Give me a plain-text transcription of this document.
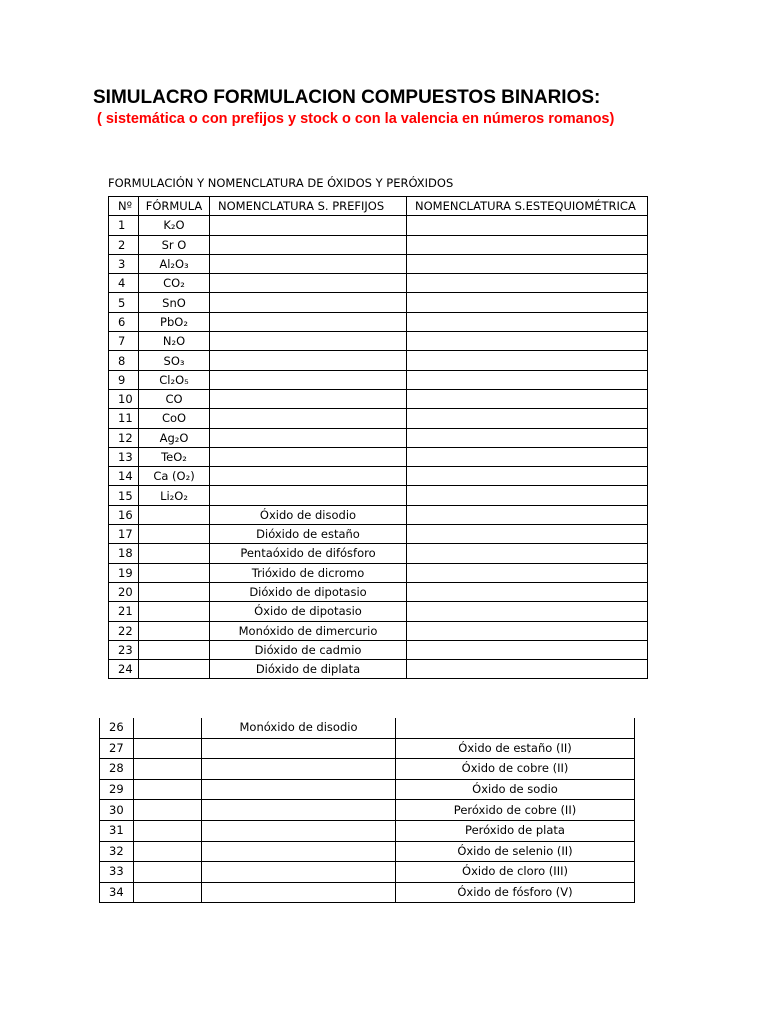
SIMULACRO FORMULACION COMPUESTOS BINARIOS:
( sistemática o con prefijos y stock o con la valencia en números romanos)
FORMULACIÓN Y NOMENCLATURA DE ÓXIDOS Y PERÓXIDOS
Nº	FÓRMULA	NOMENCLATURA S. PREFIJOS	NOMENCLATURA S.ESTEQUIOMÉTRICA
1	K₂O		
2	Sr O		
3	Al₂O₃		
4	CO₂		
5	SnO		
6	PbO₂		
7	N₂O		
8	SO₃		
9	Cl₂O₅		
10	CO		
11	CoO		
12	Ag₂O		
13	TeO₂		
14	Ca (O₂)		
15	Li₂O₂		
16		Óxido de disodio	
17		Dióxido de estaño	
18		Pentaóxido de difósforo	
19		Trióxido de dicromo	
20		Dióxido de dipotasio	
21		Óxido de dipotasio	
22		Monóxido de dimercurio	
23		Dióxido de cadmio	
24		Dióxido de diplata	
26		Monóxido de disodio	
27			Óxido de estaño (II)
28			Óxido de cobre (II)
29			Óxido de sodio
30			Peróxido de cobre (II)
31			Peróxido de plata
32			Óxido de selenio (II)
33			Óxido de cloro (III)
34			Óxido de fósforo (V)
